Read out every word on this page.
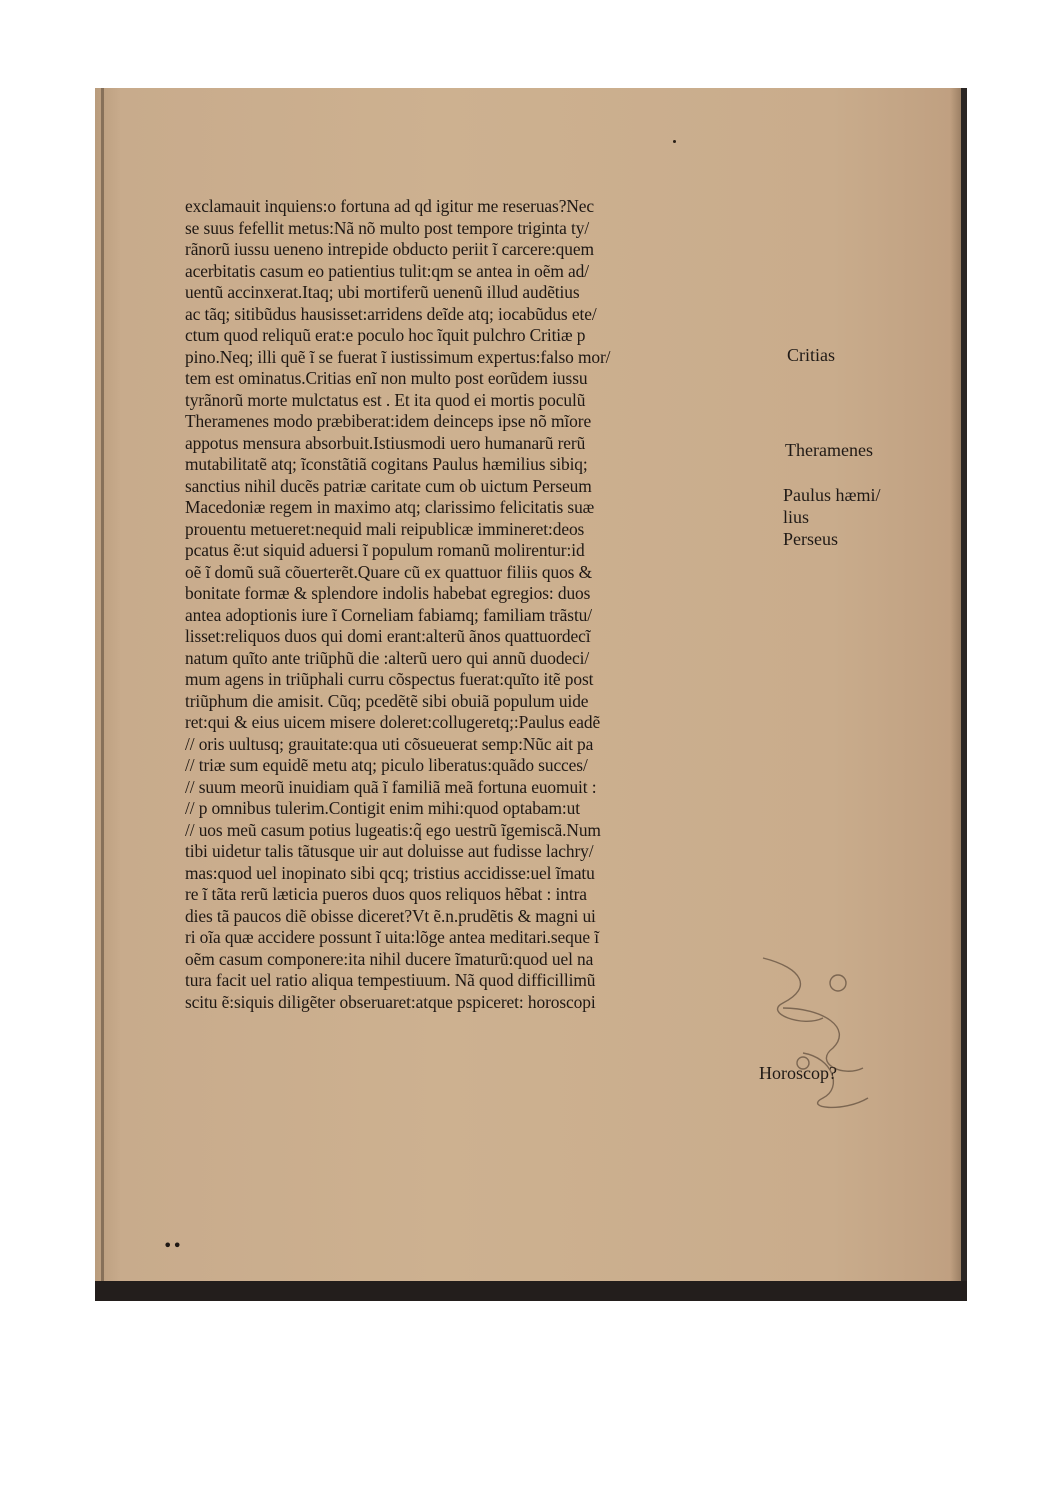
exclamauit inquiens:o fortuna ad qd igitur me reseruas?Nec
se suus fefellit metus:Nã nõ multo post tempore triginta ty/
rãnorũ iussu ueneno intrepide obducto periit ĩ carcere:quem
acerbitatis casum eo patientius tulit:qm se antea in oẽm ad/
uentũ accinxerat.Itaq; ubi mortiferũ uenenũ illud audẽtius
ac tãq; sitibũdus hausisset:arridens deĩde atq; iocabũdus ete/
ctum quod reliquũ erat:e poculo hoc ĩquit pulchro Critiæ p
pino.Neq; illi quẽ ĩ se fuerat ĩ iustissimum expertus:falso mor/
tem est ominatus.Critias enĩ non multo post eorũdem iussu
tyrãnorũ morte mulctatus est . Et ita quod ei mortis poculũ
Theramenes modo præbiberat:idem deinceps ipse nõ mĩore
appotus mensura absorbuit.Istiusmodi uero humanarũ rerũ
mutabilitatẽ atq; ĩconstãtiã cogitans Paulus hæmilius sibiq;
sanctius nihil ducẽs patriæ caritate cum ob uictum Perseum
Macedoniæ regem in maximo atq; clarissimo felicitatis suæ
prouentu metueret:nequid mali reipublicæ immineret:deos
pcatus ẽ:ut siquid aduersi ĩ populum romanũ molirentur:id
oẽ ĩ domũ suã cõuerterẽt.Quare cũ ex quattuor filiis quos &
bonitate formæ & splendore indolis habebat egregios: duos
antea adoptionis iure ĩ Corneliam fabiamq; familiam trãstu/
lisset:reliquos duos qui domi erant:alterũ ãnos quattuordecĩ
natum quĩto ante triũphũ die :alterũ uero qui annũ duodeci/
mum agens in triũphali curru cõspectus fuerat:quĩto itẽ post
triũphum die amisit. Cũq; pcedẽtẽ sibi obuiã populum uide
ret:qui & eius uicem misere doleret:collugeretq;:Paulus eadẽ
// oris uultusq; grauitate:qua uti cõsueuerat semp:Nũc ait pa
// triæ sum equidẽ metu atq; piculo liberatus:quãdo succes/
// suum meorũ inuidiam quã ĩ familiã meã fortuna euomuit :
// p omnibus tulerim.Contigit enim mihi:quod optabam:ut
// uos meũ casum potius lugeatis:q̃ ego uestrũ ĩgemiscã.Num
tibi uidetur talis tãtusque uir aut doluisse aut fudisse lachry/
mas:quod uel inopinato sibi qcq; tristius accidisse:uel ĩmatu
re ĩ tãta rerũ læticia pueros duos quos reliquos hẽbat : intra
dies tã paucos diẽ obisse diceret?Vt ẽ.n.prudẽtis & magni ui
ri oĩa quæ accidere possunt ĩ uita:lõge antea meditari.seque ĩ
oẽm casum componere:ita nihil ducere ĩmaturũ:quod uel na
tura facit uel ratio aliqua tempestiuum. Nã quod difficillimũ
scitu ẽ:siquis diligẽter obseruaret:atque pspiceret: horoscopi
Critias
Theramenes
Paulus hæmi/
lius
Perseus
Horoscop?
••
